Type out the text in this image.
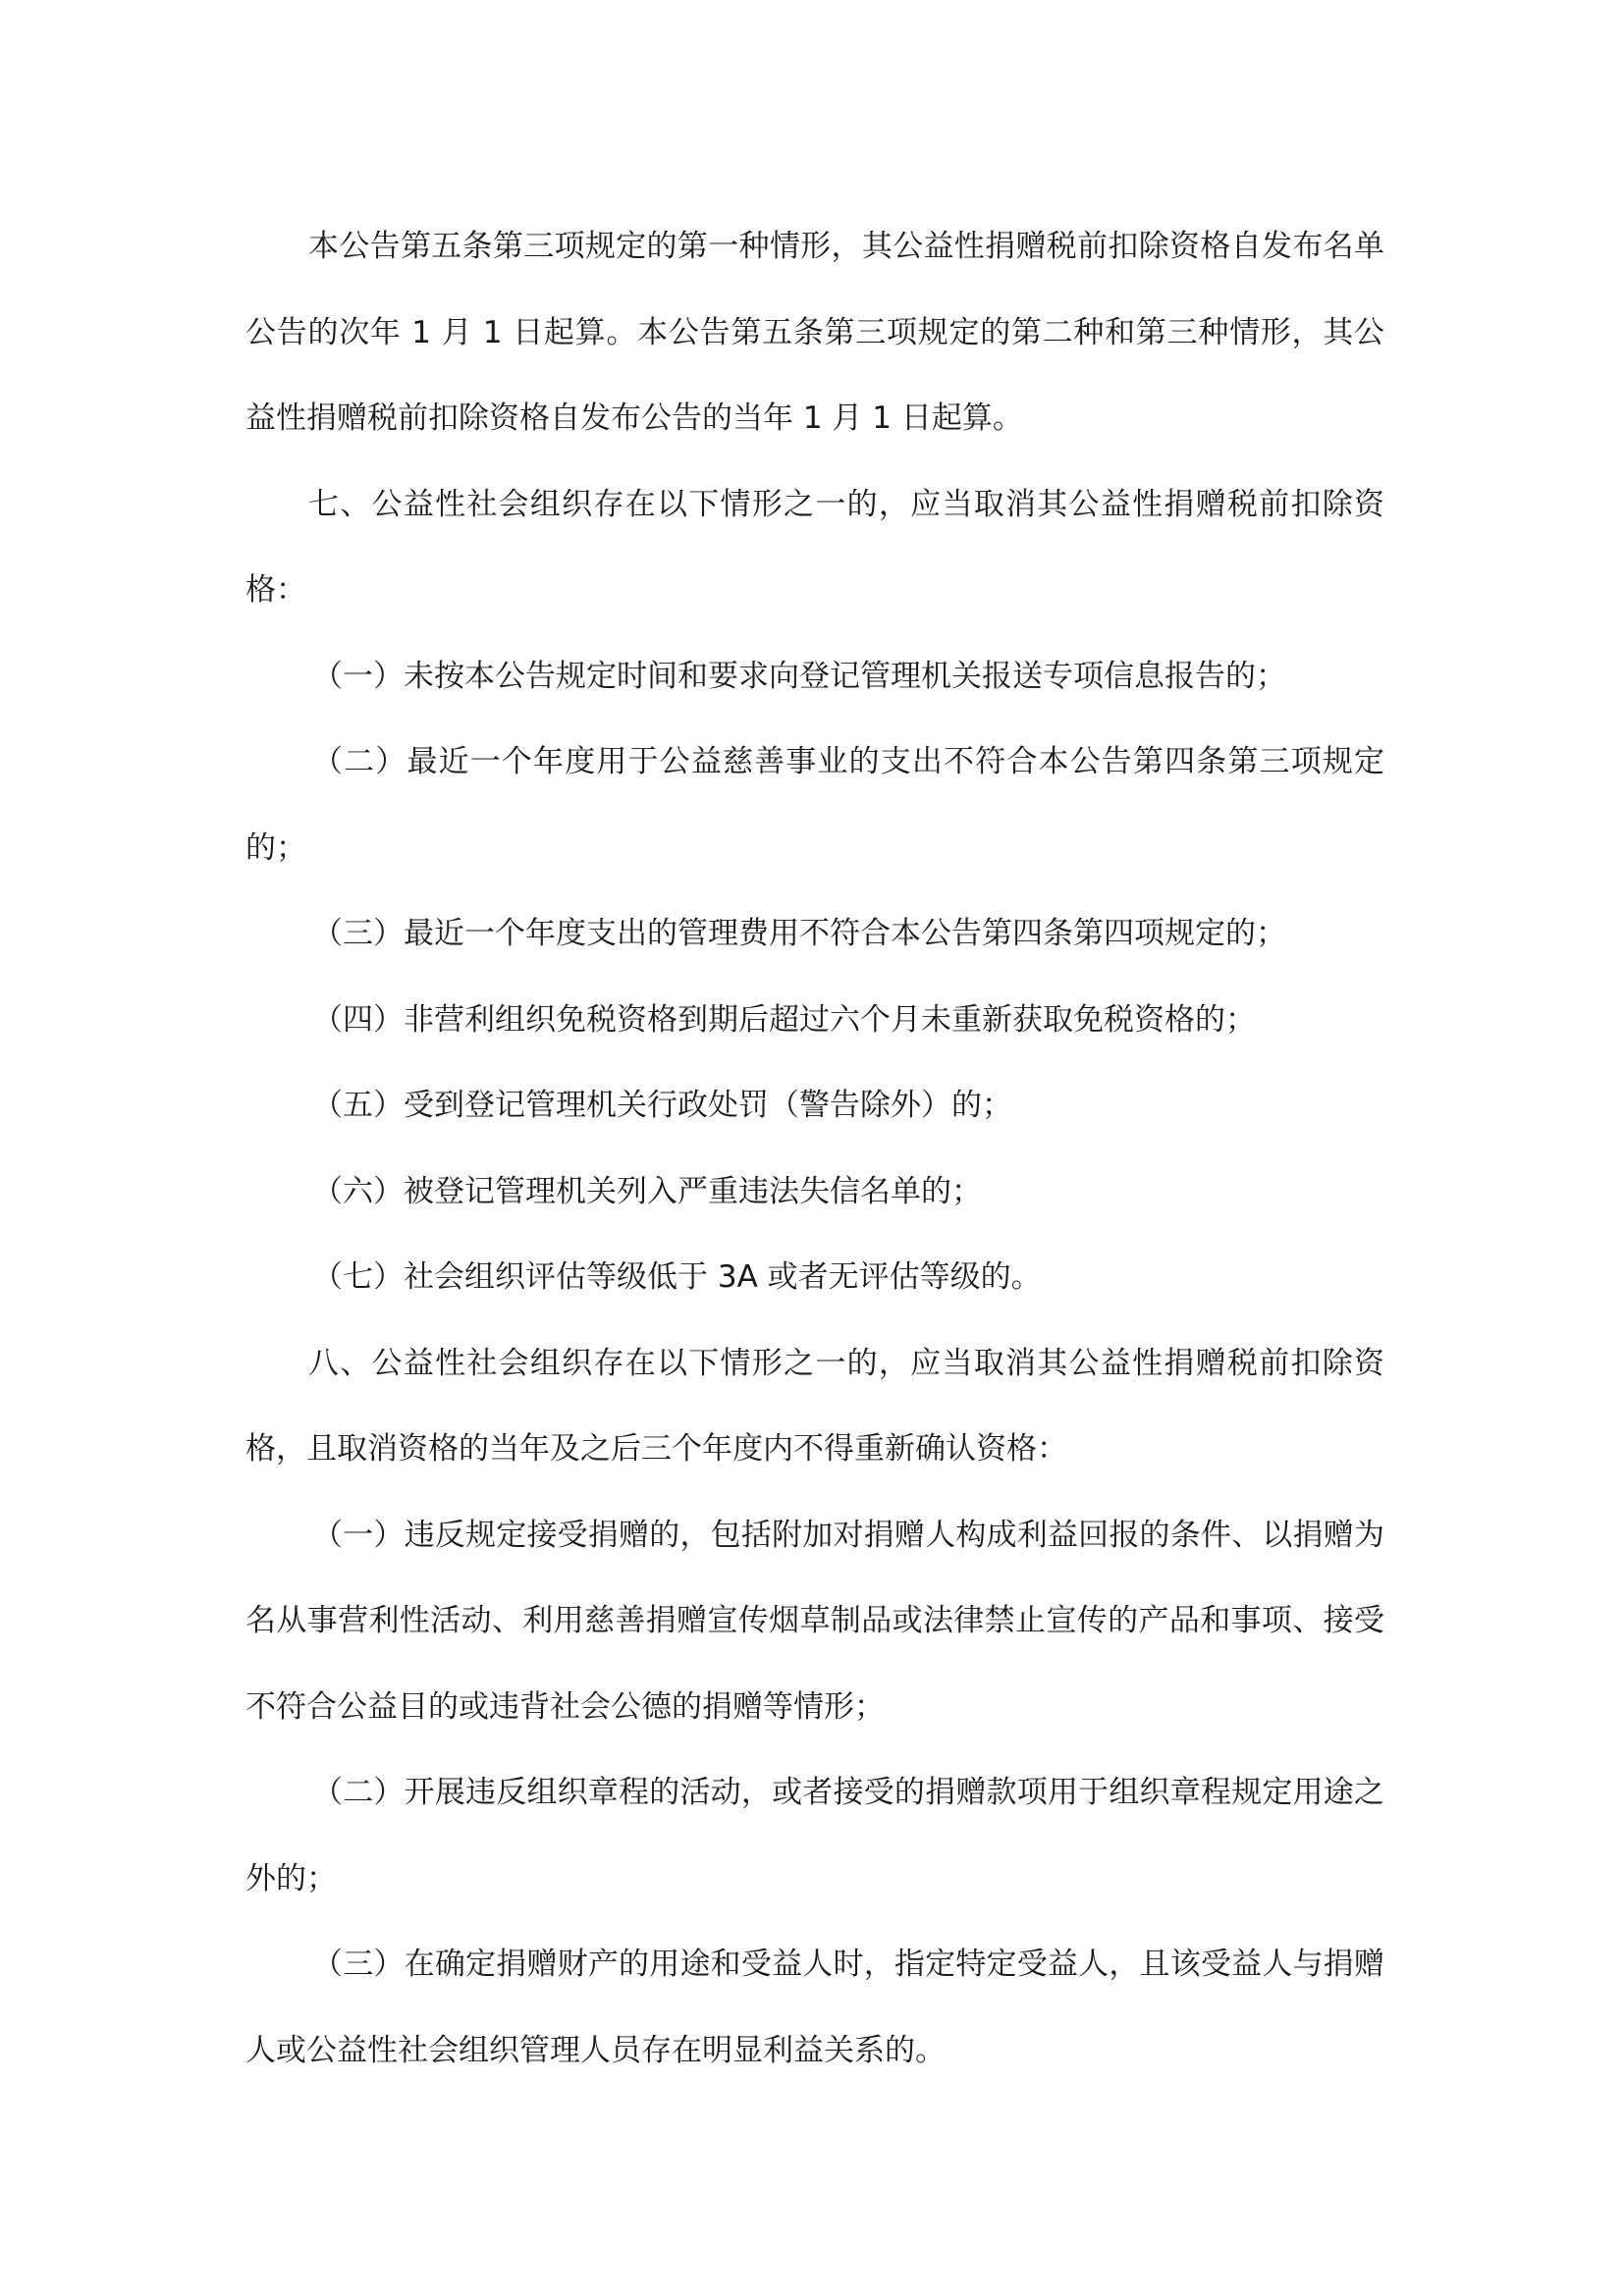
本公告第五条第三项规定的第一种情形，其公益性捐赠税前扣除资格自发布名单公告的次年 1 月 1 日起算。本公告第五条第三项规定的第二种和第三种情形，其公益性捐赠税前扣除资格自发布公告的当年 1 月 1 日起算。

七、公益性社会组织存在以下情形之一的，应当取消其公益性捐赠税前扣除资格：

（一）未按本公告规定时间和要求向登记管理机关报送专项信息报告的；

（二）最近一个年度用于公益慈善事业的支出不符合本公告第四条第三项规定的；

（三）最近一个年度支出的管理费用不符合本公告第四条第四项规定的；

（四）非营利组织免税资格到期后超过六个月未重新获取免税资格的；

（五）受到登记管理机关行政处罚（警告除外）的；

（六）被登记管理机关列入严重违法失信名单的；

（七）社会组织评估等级低于 3A 或者无评估等级的。

八、公益性社会组织存在以下情形之一的，应当取消其公益性捐赠税前扣除资格，且取消资格的当年及之后三个年度内不得重新确认资格：

（一）违反规定接受捐赠的，包括附加对捐赠人构成利益回报的条件、以捐赠为名从事营利性活动、利用慈善捐赠宣传烟草制品或法律禁止宣传的产品和事项、接受不符合公益目的或违背社会公德的捐赠等情形；

（二）开展违反组织章程的活动，或者接受的捐赠款项用于组织章程规定用途之外的；

（三）在确定捐赠财产的用途和受益人时，指定特定受益人，且该受益人与捐赠人或公益性社会组织管理人员存在明显利益关系的。
